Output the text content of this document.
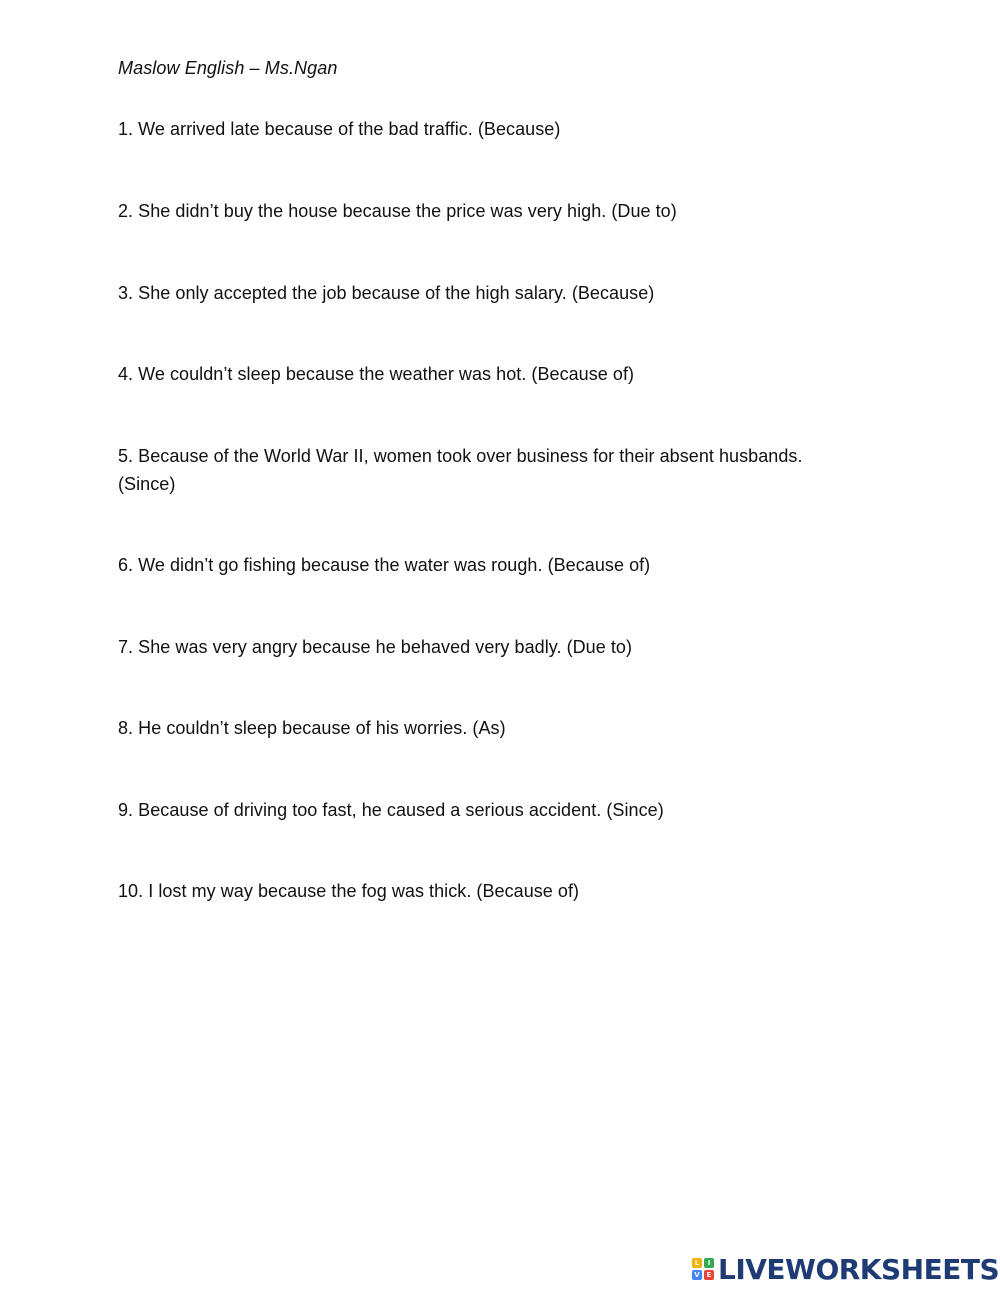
Maslow English – Ms.Ngan
1. We arrived late because of the bad traffic. (Because)
2. She didn’t buy the house because the price was very high. (Due to)
3. She only accepted the job because of the high salary. (Because)
4. We couldn’t sleep because the weather was hot. (Because of)
5. Because of the World War II, women took over business for their absent husbands. (Since)
6. We didn’t go fishing because the water was rough. (Because of)
7. She was very angry because he behaved very badly. (Due to)
8. He couldn’t sleep because of his worries. (As)
9. Because of driving too fast, he caused a serious accident. (Since)
10. I lost my way because the fog was thick. (Because of)
L	I
V E LIVEWORKSHEETS
